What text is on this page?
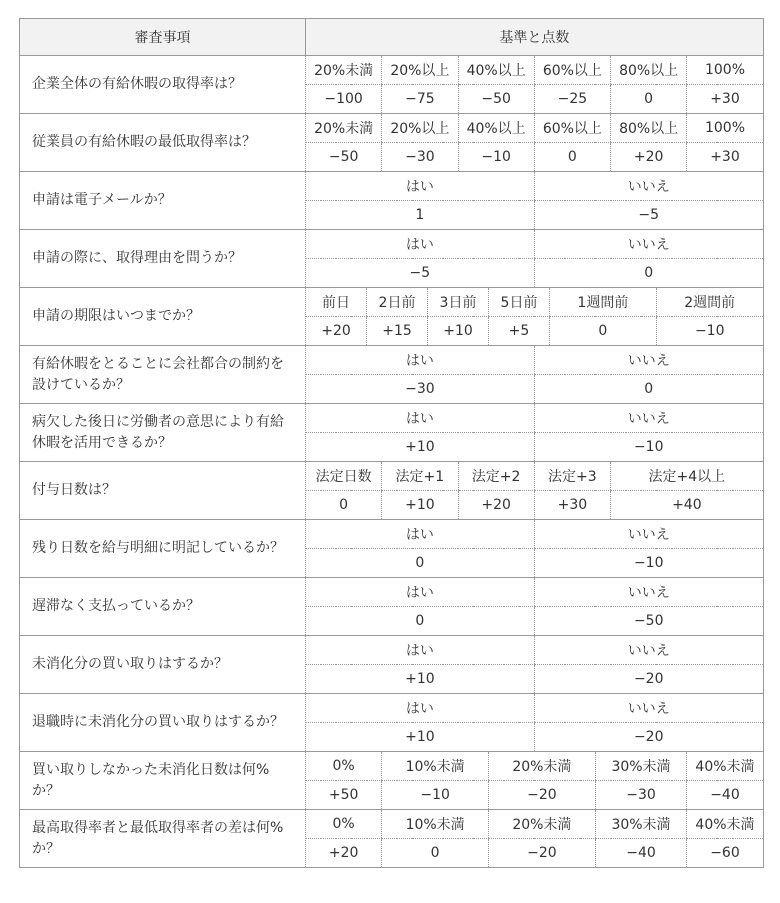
審査事項	基準と点数											
企業全体の有給休暇の取得率は？	20%未満		20%以上		40%以上		60%以上			80%以上		100%
	−100		−75		−50		−25			0		+30
従業員の有給休暇の最低取得率は？	20%未満		20%以上		40%以上		60%以上			80%以上		100%
	−50		−30		−10		0			+20		+30
申請は電子メールか？	はい						いいえ					
	1						−5					
申請の際に、取得理由を問うか？	はい						いいえ					
	−5						0					
申請の期限はいつまでか？	前日	2日前		3日前		5日前		1週間前			2週間前	
	+20	+15		+10		+5		0			−10	
有給休暇をとることに会社都合の制約を設けているか？	はい						いいえ					
	−30						0					
病欠した後日に労働者の意思により有給休暇を活用できるか？	はい						いいえ					
	+10						−10					
付与日数は？	法定日数		法定+1		法定+2		法定+3			法定+4以上		
	0		+10		+20		+30			+40		
残り日数を給与明細に明記しているか？	はい						いいえ					
	0						−10					
遅滞なく支払っているか？	はい						いいえ					
	0						−50					
未消化分の買い取りはするか？	はい						いいえ					
	+10						−20					
退職時に未消化分の買い取りはするか？	はい						いいえ					
	+10						−20					
買い取りしなかった未消化日数は何%か？	0%		10%未満			20%未満			30%未満			40%未満
	+50		−10			−20			−30			−40
最高取得率者と最低取得率者の差は何%か？	0%		10%未満			20%未満			30%未満			40%未満
	+20		0			−20			−40			−60
